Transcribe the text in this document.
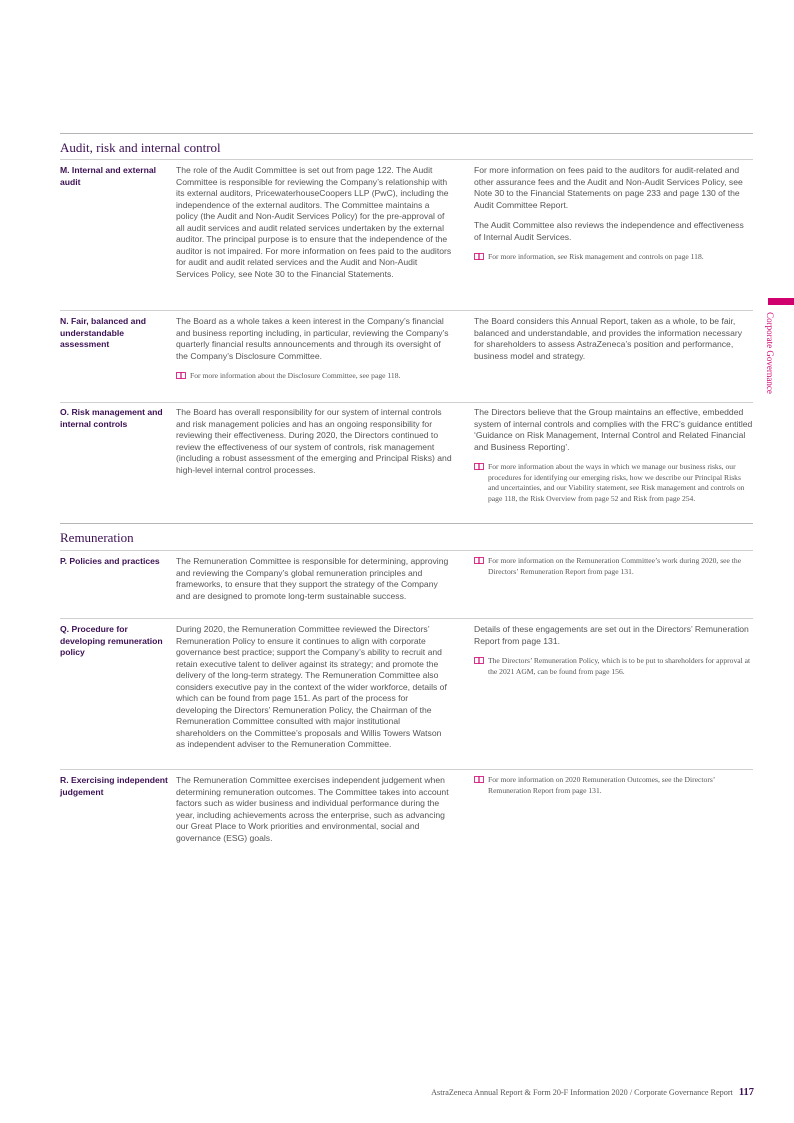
Audit, risk and internal control
M. Internal and external audit

The role of the Audit Committee is set out from page 122. The Audit Committee is responsible for reviewing the Company’s relationship with its external auditors, PricewaterhouseCoopers LLP (PwC), including the independence of the external auditors. The Committee maintains a policy (the Audit and Non-Audit Services Policy) for the pre-approval of all audit services and audit related services undertaken by the external auditor. The principal purpose is to ensure that the independence of the auditor is not impaired. For more information on fees paid to the auditors for audit and audit related services and the Audit and Non-Audit Services Policy, see Note 30 to the Financial Statements.

For more information on fees paid to the auditors for audit-related and other assurance fees and the Audit and Non-Audit Services Policy, see Note 30 to the Financial Statements on page 233 and page 130 of the Audit Committee Report.

The Audit Committee also reviews the independence and effectiveness of Internal Audit Services.

For more information, see Risk management and controls on page 118.
N. Fair, balanced and understandable assessment

The Board as a whole takes a keen interest in the Company’s financial and business reporting including, in particular, reviewing the Company’s quarterly financial results announcements and through its oversight of the Company’s Disclosure Committee.

For more information about the Disclosure Committee, see page 118.

The Board considers this Annual Report, taken as a whole, to be fair, balanced and understandable, and provides the information necessary for shareholders to assess AstraZeneca’s position and performance, business model and strategy.

O. Risk management and internal controls

The Board has overall responsibility for our system of internal controls and risk management policies and has an ongoing responsibility for reviewing their effectiveness. During 2020, the Directors continued to review the effectiveness of our system of controls, risk management (including a robust assessment of the emerging and Principal Risks) and high-level internal control processes.

The Directors believe that the Group maintains an effective, embedded system of internal controls and complies with the FRC’s guidance entitled ‘Guidance on Risk Management, Internal Control and Related Financial and Business Reporting’.

For more information about the ways in which we manage our business risks, our procedures for identifying our emerging risks, how we describe our Principal Risks and uncertainties, and our Viability statement, see Risk management and controls on page 118, the Risk Overview from page 52 and Risk from page 254.
Remuneration
P. Policies and practices	The Remuneration Committee is responsible for determining, approving and reviewing the Company’s global remuneration principles and frameworks, to ensure that they support the strategy of the Company and are designed to promote long-term sustainable success.

For more information on the Remuneration Committee’s work during 2020, see the Directors’ Remuneration Report from page 131.
Q. Procedure for developing remuneration policy

During 2020, the Remuneration Committee reviewed the Directors’ Remuneration Policy to ensure it continues to align with corporate governance best practice; support the Company’s ability to recruit and retain executive talent to deliver against its strategy; and promote the delivery of the long-term strategy. The Remuneration Committee also considers executive pay in the context of the wider workforce, details of which can be found from page 151. As part of the process for developing the Directors’ Remuneration Policy, the Chairman of the Remuneration Committee consulted with major institutional shareholders on the Committee’s proposals and Willis Towers Watson as independent adviser to the Remuneration Committee.

Details of these engagements are set out in the Directors’ Remuneration Report from page 131.

The Directors’ Remuneration Policy, which is to be put to shareholders for approval at the 2021 AGM, can be found from page 156.
R. Exercising independent judgement

The Remuneration Committee exercises independent judgement when determining remuneration outcomes. The Committee takes into account factors such as wider business and individual performance during the year, including achievements across the enterprise, such as advancing our Great Place to Work priorities and environmental, social and governance (ESG) goals.

For more information on 2020 Remuneration Outcomes, see the Directors’ Remuneration Report from page 131.
Corporate Governance
AstraZeneca Annual Report & Form 20-F Information 2020 / Corporate Governance Report 117
